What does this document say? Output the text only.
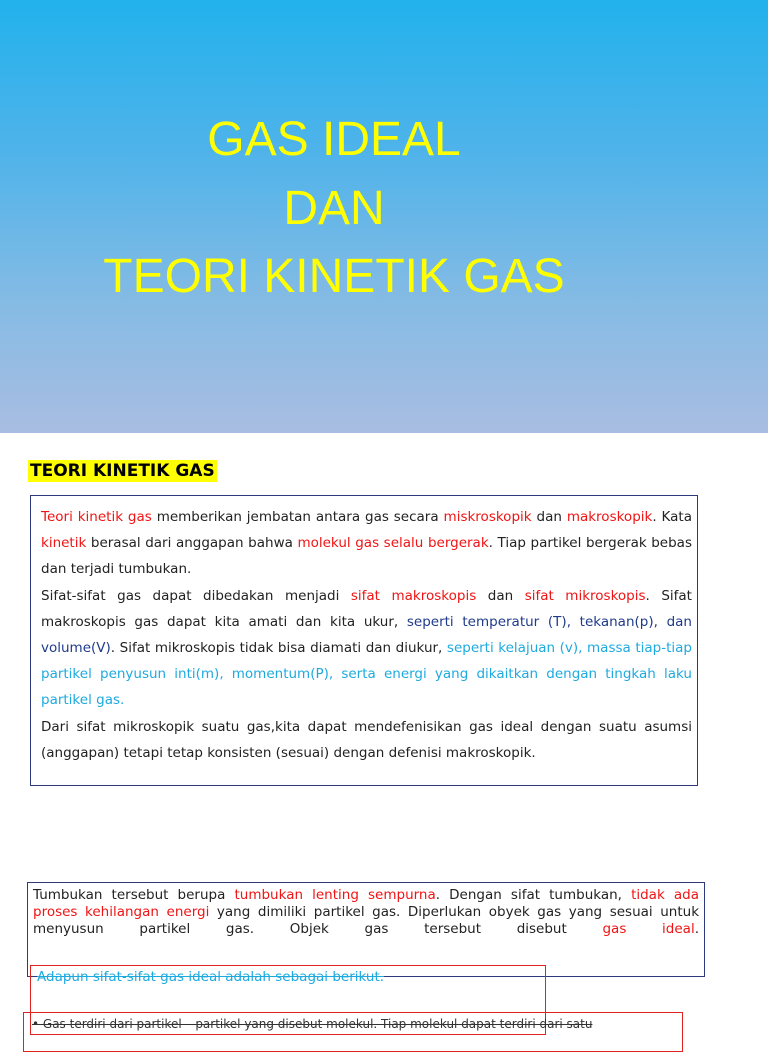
GAS IDEAL
DAN
TEORI KINETIK GAS
TEORI KINETIK GAS

Teori kinetik gas memberikan jembatan antara gas secara miskroskopik dan makroskopik. Kata kinetik berasal dari anggapan bahwa molekul gas selalu bergerak. Tiap partikel bergerak bebas dan terjadi tumbukan.

Sifat-sifat gas dapat dibedakan menjadi sifat makroskopis dan sifat mikroskopis. Sifat makroskopis gas dapat kita amati dan kita ukur, seperti temperatur (T), tekanan(p), dan volume(V). Sifat mikroskopis tidak bisa diamati dan diukur, seperti kelajuan (v), massa tiap-tiap partikel penyusun inti(m), momentum(P), serta energi yang dikaitkan dengan tingkah laku partikel gas.

Dari sifat mikroskopik suatu gas,kita dapat mendefenisikan gas ideal dengan suatu asumsi (anggapan) tetapi tetap konsisten (sesuai) dengan defenisi makroskopik.

Tumbukan tersebut berupa tumbukan lenting sempurna. Dengan sifat tumbukan, tidak ada proses kehilangan energi yang dimiliki partikel gas. Diperlukan obyek gas yang sesuai untuk menyusun partikel gas. Objek gas tersebut disebut gas ideal.

Adapun sifat-sifat gas ideal adalah sebagai berikut.
• Gas terdiri dari partikel – partikel yang disebut molekul. Tiap molekul dapat terdiri dari satu
